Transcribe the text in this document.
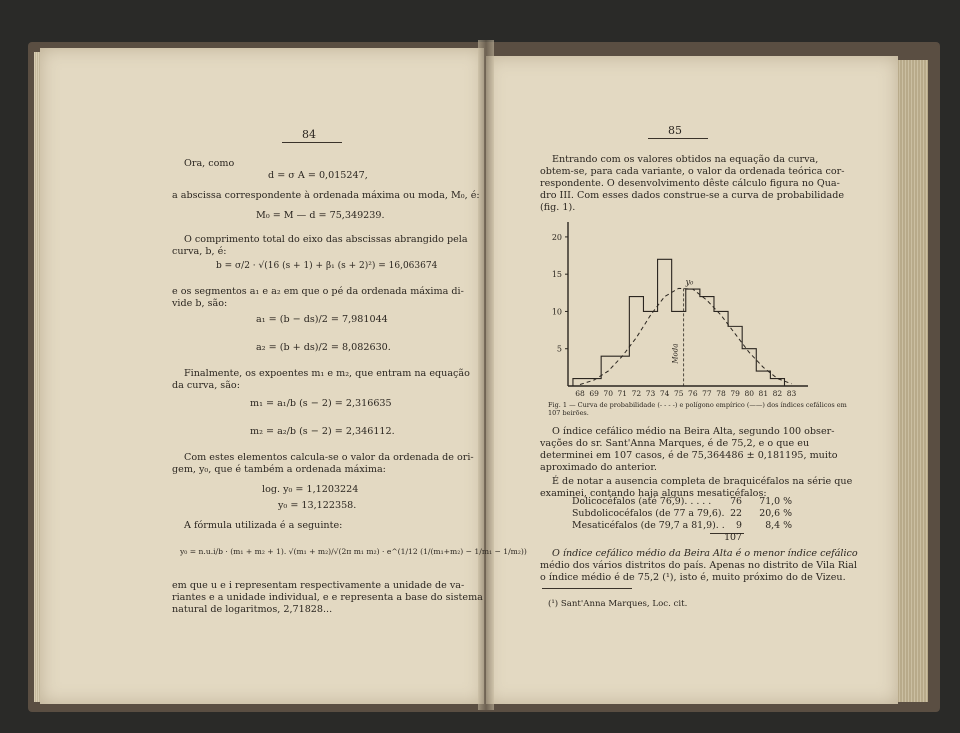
84
Ora, como
d = σ A = 0,015247,
a abscissa correspondente à ordenada máxima ou moda, M₀, é:
M₀ = M — d = 75,349239.
O comprimento total do eixo das abscissas abrangido pela
curva, b, é:
b = σ/2 · √(16 (s + 1) + β₁ (s + 2)²) = 16,063674
e os segmentos a₁ e a₂ em que o pé da ordenada máxima di-
vide b, são:
a₁ = (b − ds)/2 = 7,981044
a₂ = (b + ds)/2 = 8,082630.
Finalmente, os expoentes m₁ e m₂, que entram na equação
da curva, são:
m₁ = a₁/b (s − 2) = 2,316635
m₂ = a₂/b (s − 2) = 2,346112.
Com estes elementos calcula-se o valor da ordenada de ori-
gem, y₀, que é também a ordenada máxima:
log. y₀ = 1,1203224
y₀ = 13,122358.
A fórmula utilizada é a seguinte:
y₀ = n.u.i/b · (m₁ + m₂ + 1). √(m₁ + m₂)/√(2π m₁ m₂) · e^(1/12 (1/(m₁+m₂) − 1/m₁ − 1/m₂))
em que u e i representam respectivamente a unidade de va-
riantes e a unidade individual, e e representa a base do sistema
natural de logaritmos, 2,71828...
85
Entrando com os valores obtidos na equação da curva,
obtem-se, para cada variante, o valor da ordenada teórica cor-
respondente. O desenvolvimento dêste cálculo figura no Qua-
dro III. Com esses dados construe-se a curva de probabilidade
(fig. 1).
5
10
15
20
68 69 70 71 72 73 74 75 76 77 78 79 80 81 82 83
y₀
Moda
Fig. 1 — Curva de probabilidade (- - - -) e polígono empírico (——) dos índices cefálicos em 107 beirões.
O índice cefálico médio na Beira Alta, segundo 100 obser-
vações do sr. Sant'Anna Marques, é de 75,2, e o que eu
determinei em 107 casos, é de 75,364486 ± 0,181195, muito
aproximado do anterior.
É de notar a ausencia completa de braquicéfalos na série que
examinei, contando haja alguns mesaticéfalos:
Dolicocéfalos (até 76,9). . . . .	76	71,0 %
Subdolicocéfalos (de 77 a 79,6). 22	20,6 %
Mesaticéfalos (de 79,7 a 81,9). .	9	8,4 %
107
O índice cefálico médio da Beira Alta é o menor índice cefálico
médio dos vários distritos do país. Apenas no distrito de Vila Rial
o índice médio é de 75,2 (¹), isto é, muito próximo do de Vizeu.
(¹) Sant'Anna Marques, Loc. cit.
